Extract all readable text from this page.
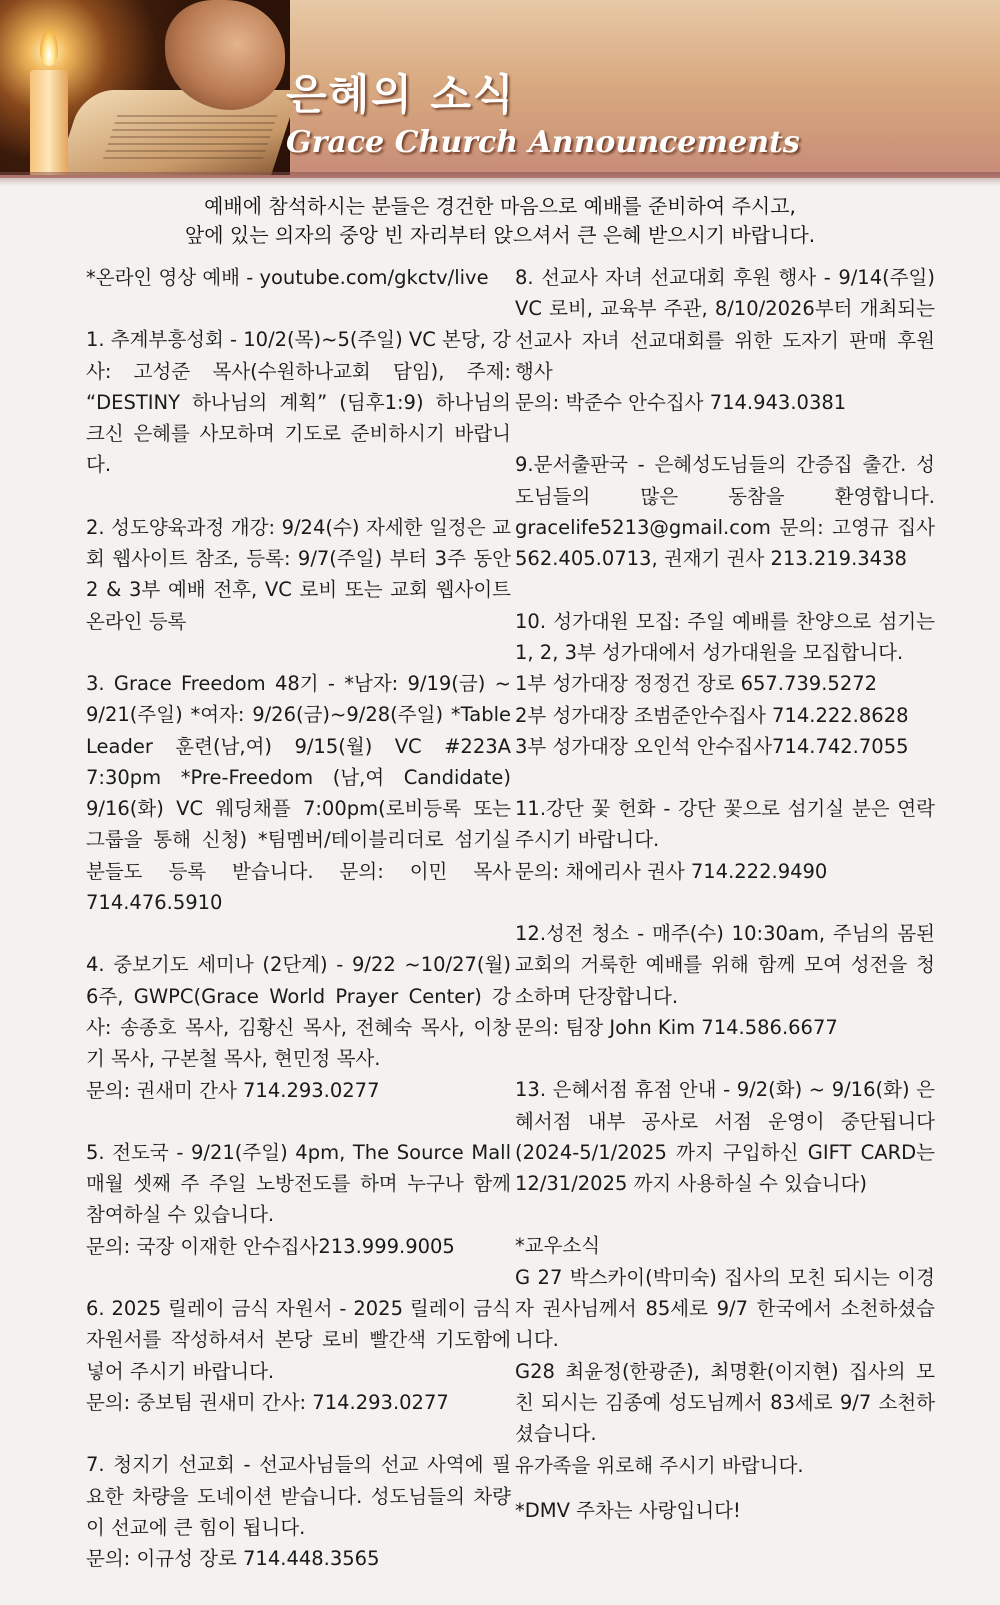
은혜의 소식
Grace Church Announcements
예배에 참석하시는 분들은 경건한 마음으로 예배를 준비하여 주시고,
앞에 있는 의자의 중앙 빈 자리부터 앉으셔서 큰 은혜 받으시기 바랍니다.

*온라인 영상 예배 - youtube.com/gkctv/live

1. 추계부흥성회 - 10/2(목)~5(주일) VC 본당, 강사: 고성준 목사(수원하나교회 담임), 주제: “DESTINY 하나님의 계획” (딤후1:9) 하나님의 크신 은혜를 사모하며 기도로 준비하시기 바랍니다.

2. 성도양육과정 개강: 9/24(수) 자세한 일정은 교회 웹사이트 참조, 등록: 9/7(주일) 부터 3주 동안 2 & 3부 예배 전후, VC 로비 또는 교회 웹사이트 온라인 등록

3. Grace Freedom 48기 - *남자: 9/19(금) ~ 9/21(주일) *여자: 9/26(금)~9/28(주일) *Table Leader 훈련(남,여) 9/15(월) VC #223A 7:30pm *Pre-Freedom (남,여 Candidate) 9/16(화) VC 웨딩채플 7:00pm(로비등록 또는 그룹을 통해 신청) *팀멤버/테이블리더로 섬기실 분들도 등록 받습니다. 문의: 이민 목사 714.476.5910

4. 중보기도 세미나 (2단계) - 9/22 ~10/27(월) 6주, GWPC(Grace World Prayer Center) 강사: 송종호 목사, 김황신 목사, 전혜숙 목사, 이창기 목사, 구본철 목사, 현민정 목사.

문의: 권새미 간사 714.293.0277

5. 전도국 - 9/21(주일) 4pm, The Source Mall 매월 셋째 주 주일 노방전도를 하며 누구나 함께 참여하실 수 있습니다.

문의: 국장 이재한 안수집사213.999.9005

6. 2025 릴레이 금식 자원서 - 2025 릴레이 금식 자원서를 작성하셔서 본당 로비 빨간색 기도함에 넣어 주시기 바랍니다.

문의: 중보팀 권새미 간사: 714.293.0277

7. 청지기 선교회 - 선교사님들의 선교 사역에 필요한 차량을 도네이션 받습니다. 성도님들의 차량이 선교에 큰 힘이 됩니다.

문의: 이규성 장로 714.448.3565

8. 선교사 자녀 선교대회 후원 행사 - 9/14(주일) VC 로비, 교육부 주관, 8/10/2026부터 개최되는 선교사 자녀 선교대회를 위한 도자기 판매 후원 행사

문의: 박준수 안수집사 714.943.0381

9.문서출판국 - 은혜성도님들의 간증집 출간. 성도님들의 많은 동참을 환영합니다. gracelife5213@gmail.com 문의: 고영규 집사 562.405.0713, 권재기 권사 213.219.3438

10. 성가대원 모집: 주일 예배를 찬양으로 섬기는 1, 2, 3부 성가대에서 성가대원을 모집합니다.

1부 성가대장 정정건 장로 657.739.5272

2부 성가대장 조범준안수집사 714.222.8628

3부 성가대장 오인석 안수집사714.742.7055

11.강단 꽃 헌화 - 강단 꽃으로 섬기실 분은 연락 주시기 바랍니다.

문의: 채에리사 권사 714.222.9490

12.성전 청소 - 매주(수) 10:30am, 주님의 몸된 교회의 거룩한 예배를 위해 함께 모여 성전을 청소하며 단장합니다.

문의: 팀장 John Kim 714.586.6677

13. 은혜서점 휴점 안내 - 9/2(화) ~ 9/16(화) 은혜서점 내부 공사로 서점 운영이 중단됩니다 (2024-5/1/2025 까지 구입하신 GIFT CARD는 12/31/2025 까지 사용하실 수 있습니다)

*교우소식

G 27 박스카이(박미숙) 집사의 모친 되시는 이경자 권사님께서 85세로 9/7 한국에서 소천하셨습니다.

G28 최윤정(한광준), 최명환(이지현) 집사의 모친 되시는 김종예 성도님께서 83세로 9/7 소천하셨습니다.

유가족을 위로해 주시기 바랍니다.

*DMV 주차는 사랑입니다!
